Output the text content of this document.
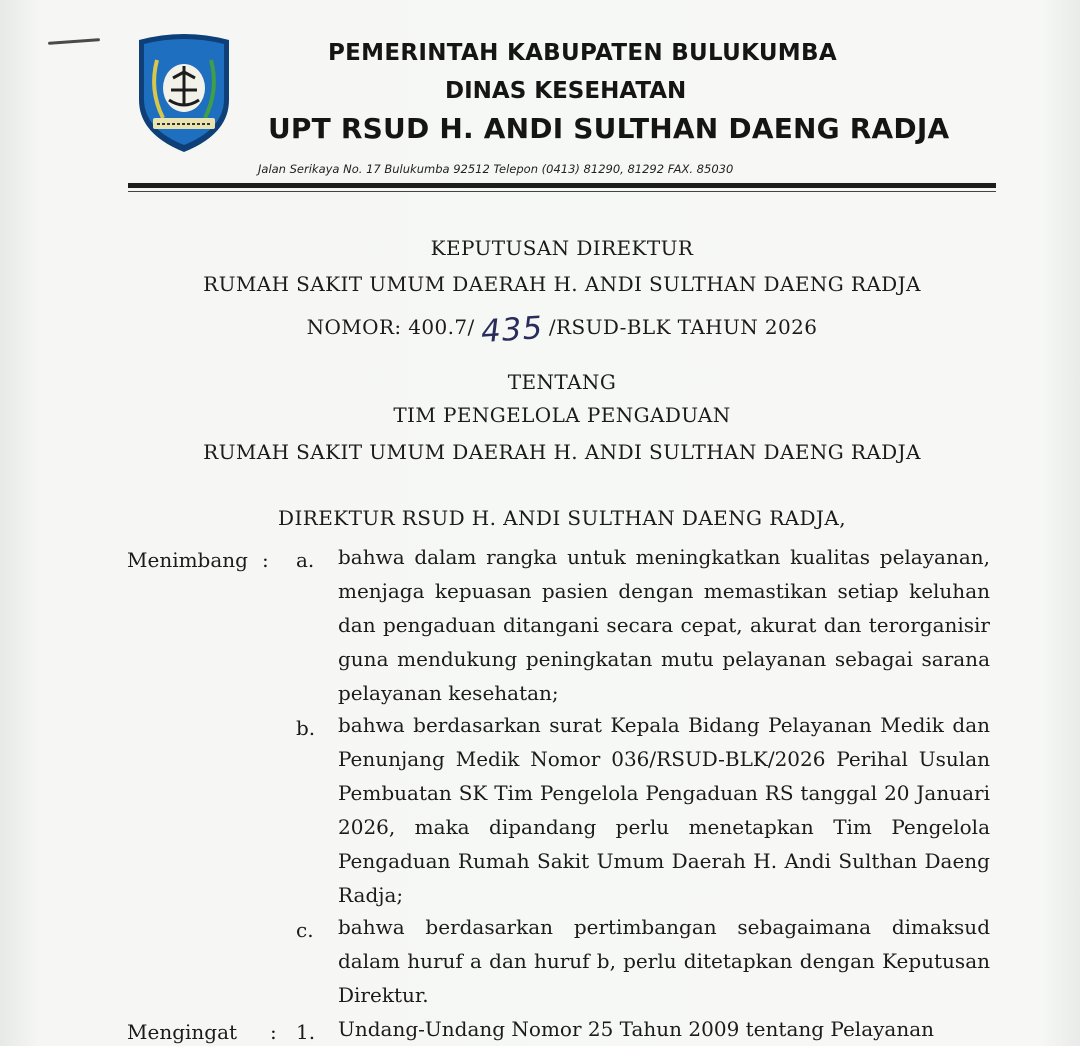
PEMERINTAH KABUPATEN BULUKUMBA
DINAS KESEHATAN
UPT RSUD H. ANDI SULTHAN DAENG RADJA
Jalan Serikaya No. 17 Bulukumba 92512 Telepon (0413) 81290, 81292 FAX. 85030
KEPUTUSAN DIREKTUR
RUMAH SAKIT UMUM DAERAH H. ANDI SULTHAN DAENG RADJA
NOMOR: 400.7/ 435 /RSUD-BLK TAHUN 2026
TENTANG
TIM PENGELOLA PENGADUAN
RUMAH SAKIT UMUM DAERAH H. ANDI SULTHAN DAENG RADJA
DIREKTUR RSUD H. ANDI SULTHAN DAENG RADJA,
Menimbang : a. bahwa dalam rangka untuk meningkatkan kualitas pelayanan, menjaga kepuasan pasien dengan memastikan setiap keluhan dan pengaduan ditangani secara cepat, akurat dan terorganisir guna mendukung peningkatan mutu pelayanan sebagai sarana pelayanan kesehatan;
b. bahwa berdasarkan surat Kepala Bidang Pelayanan Medik dan Penunjang Medik Nomor 036/RSUD-BLK/2026 Perihal Usulan Pembuatan SK Tim Pengelola Pengaduan RS tanggal 20 Januari 2026, maka dipandang perlu menetapkan Tim Pengelola Pengaduan Rumah Sakit Umum Daerah H. Andi Sulthan Daeng Radja;
c. bahwa berdasarkan pertimbangan sebagaimana dimaksud dalam huruf a dan huruf b, perlu ditetapkan dengan Keputusan Direktur.
Mengingat : 1. Undang-Undang Nomor 25 Tahun 2009 tentang Pelayanan
